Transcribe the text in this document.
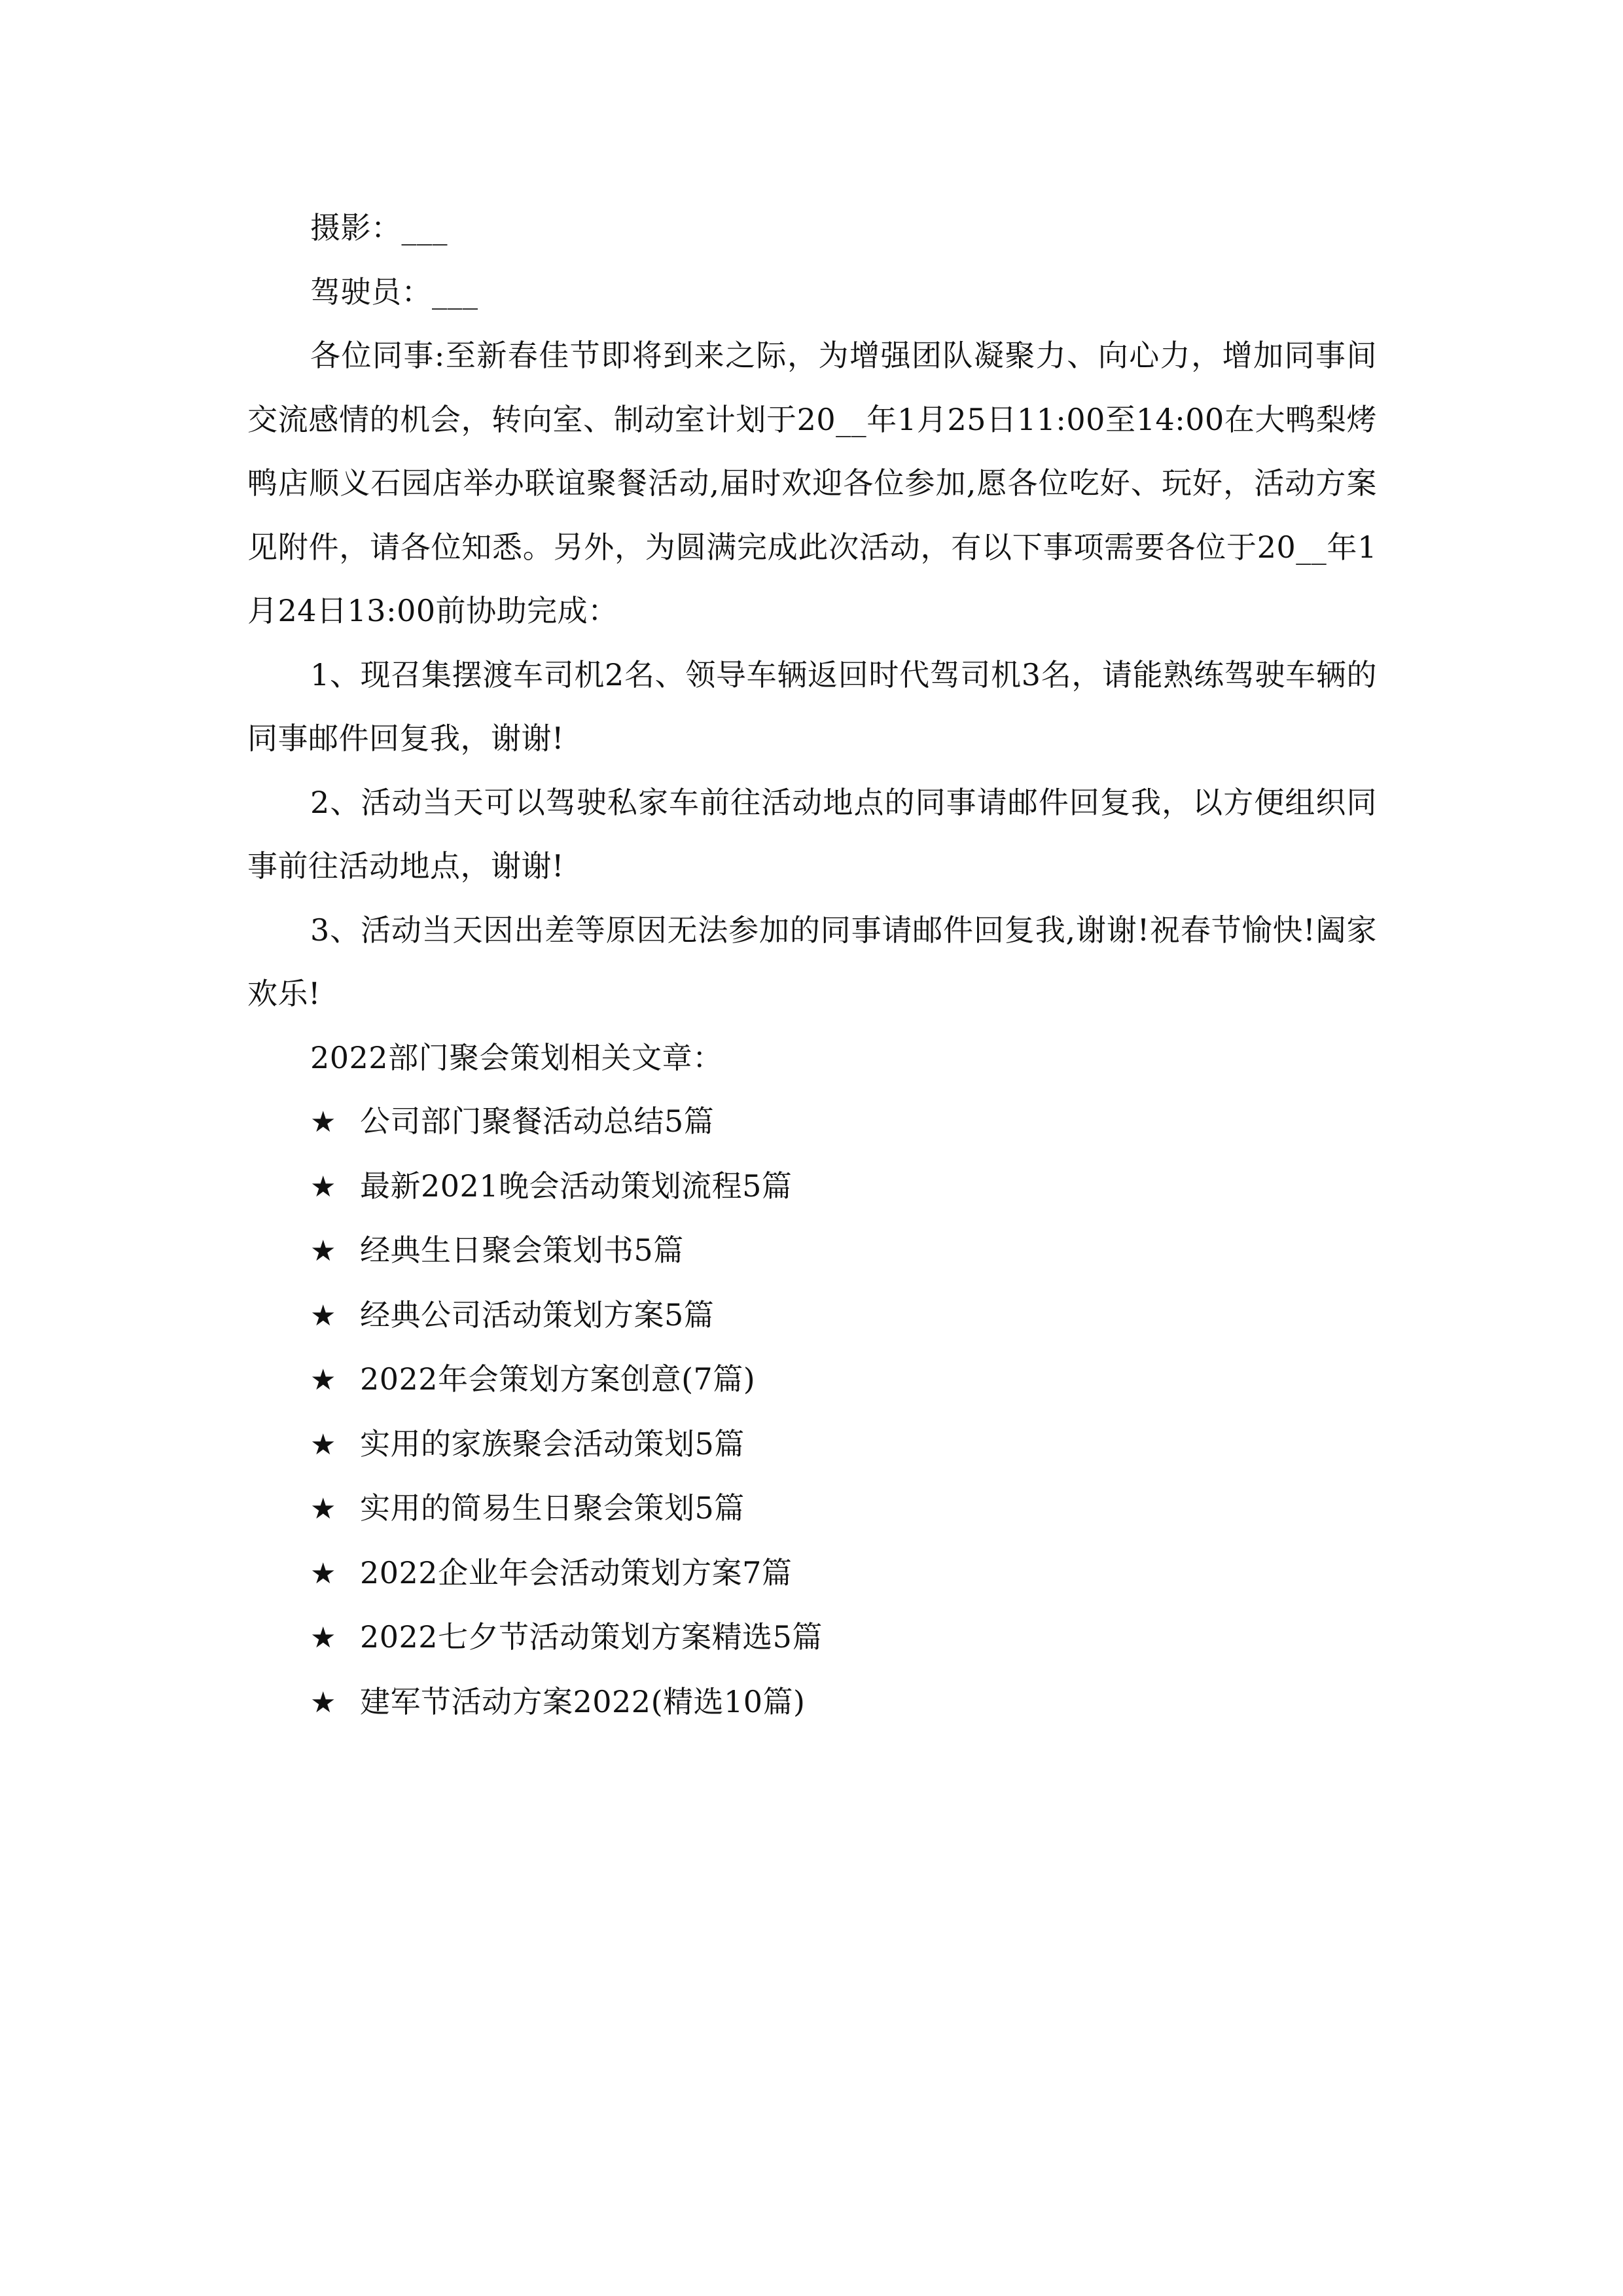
摄影：___

驾驶员：___

各位同事:至新春佳节即将到来之际，为增强团队凝聚力、向心力，增加同事间交流感情的机会，转向室、制动室计划于20__年1月25日11:00至14:00在大鸭梨烤鸭店顺义石园店举办联谊聚餐活动,届时欢迎各位参加,愿各位吃好、玩好，活动方案见附件，请各位知悉。另外，为圆满完成此次活动，有以下事项需要各位于20__年1月24日13:00前协助完成：

1、现召集摆渡车司机2名、领导车辆返回时代驾司机3名，请能熟练驾驶车辆的同事邮件回复我，谢谢!

2、活动当天可以驾驶私家车前往活动地点的同事请邮件回复我，以方便组织同事前往活动地点，谢谢!

3、活动当天因出差等原因无法参加的同事请邮件回复我,谢谢!祝春节愉快!阖家欢乐!

2022部门聚会策划相关文章：

★ 公司部门聚餐活动总结5篇
★ 最新2021晚会活动策划流程5篇
★ 经典生日聚会策划书5篇
★ 经典公司活动策划方案5篇
★ 2022年会策划方案创意(7篇)
★ 实用的家族聚会活动策划5篇
★ 实用的简易生日聚会策划5篇
★ 2022企业年会活动策划方案7篇
★ 2022七夕节活动策划方案精选5篇
★ 建军节活动方案2022(精选10篇)
